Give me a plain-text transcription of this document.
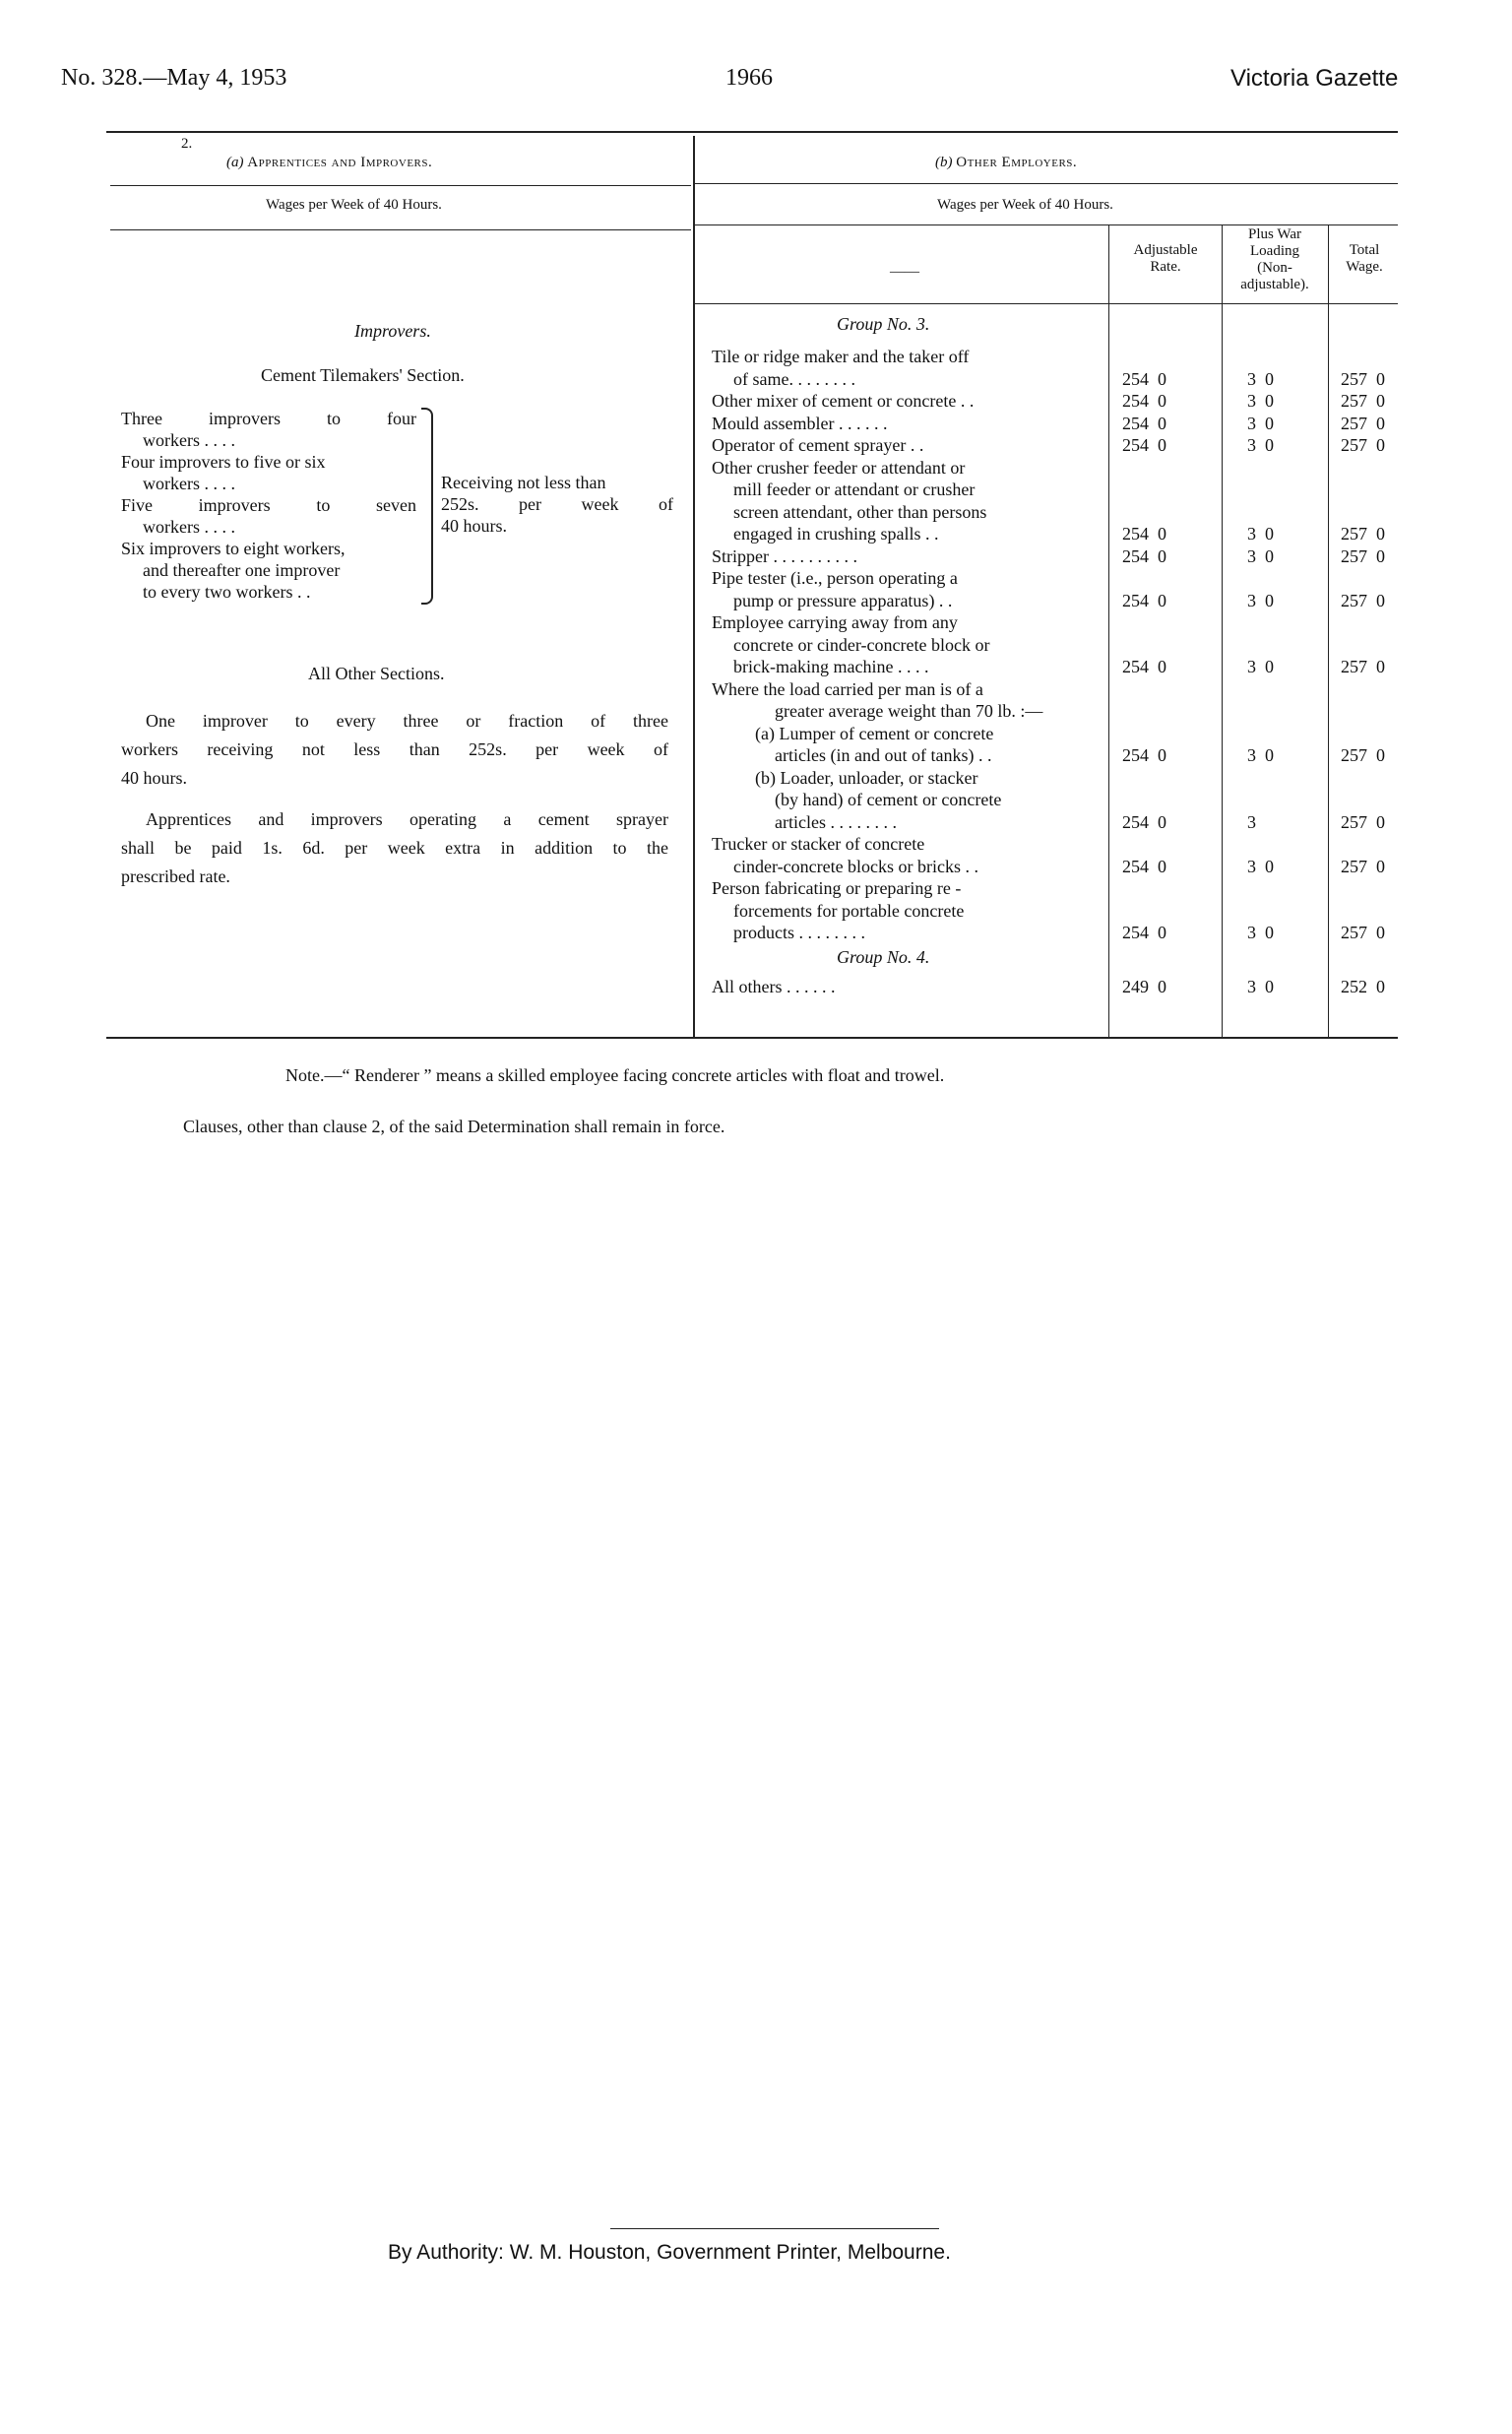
No. 328.—May 4, 1953	1966	Victoria Gazette
2.
(a) Apprentices and Improvers.
Wages per Week of 40 Hours.
Improvers.
Cement Tilemakers' Section.
Three improvers to four
workers . . . .
Four improvers to five or six
workers . . . .
Five improvers to seven
workers . . . .
Six improvers to eight workers,
and thereafter one improver
to every two workers . .
Receiving not less than
252s. per week of
40 hours.
All Other Sections.
One improver to every three or fraction of three
workers receiving not less than 252s. per week of
40 hours.
Apprentices and improvers operating a cement sprayer
shall be paid 1s. 6d. per week extra in addition to the
prescribed rate.
(b) Other Employers.
Wages per Week of 40 Hours.
——
Adjustable
Rate.
Plus War
Loading
(Non-
adjustable).
Total
Wage.
Group No. 3.
Tile or ridge maker and the taker off
of same. . . . . . . .	254  0	3  0	257  0
Other mixer of cement or concrete . .	254  0	3  0	257  0
Mould assembler . . . . . .	254  0	3  0	257  0
Operator of cement sprayer . .	254  0	3  0	257  0
Other crusher feeder or attendant or
mill feeder or attendant or crusher
screen attendant, other than persons
engaged in crushing spalls . .	254  0	3  0	257  0
Stripper . . . . . . . . . .	254  0	3  0	257  0
Pipe tester (i.e., person operating a
pump or pressure apparatus) . .	254  0	3  0	257  0
Employee carrying away from any
concrete or cinder-concrete block or
brick-making machine . . . .	254  0	3  0	257  0
Where the load carried per man is of a
greater average weight than 70 lb. :—
(a) Lumper of cement or concrete
articles (in and out of tanks) . .	254  0	3  0	257  0
(b) Loader, unloader, or stacker
(by hand) of cement or concrete
articles . . . . . . . .	254  0	3	257  0
Trucker or stacker of concrete
cinder-concrete blocks or bricks . .	254  0	3  0	257  0
Person fabricating or preparing re -
forcements for portable concrete
products . . . . . . . .	254  0	3  0	257  0
Group No. 4.
All others . . . . . .	249  0	3  0	252  0
Note.—“ Renderer ” means a skilled employee facing concrete articles with float and trowel.
Clauses, other than clause 2, of the said Determination shall remain in force.
By Authority: W. M. Houston, Government Printer, Melbourne.
